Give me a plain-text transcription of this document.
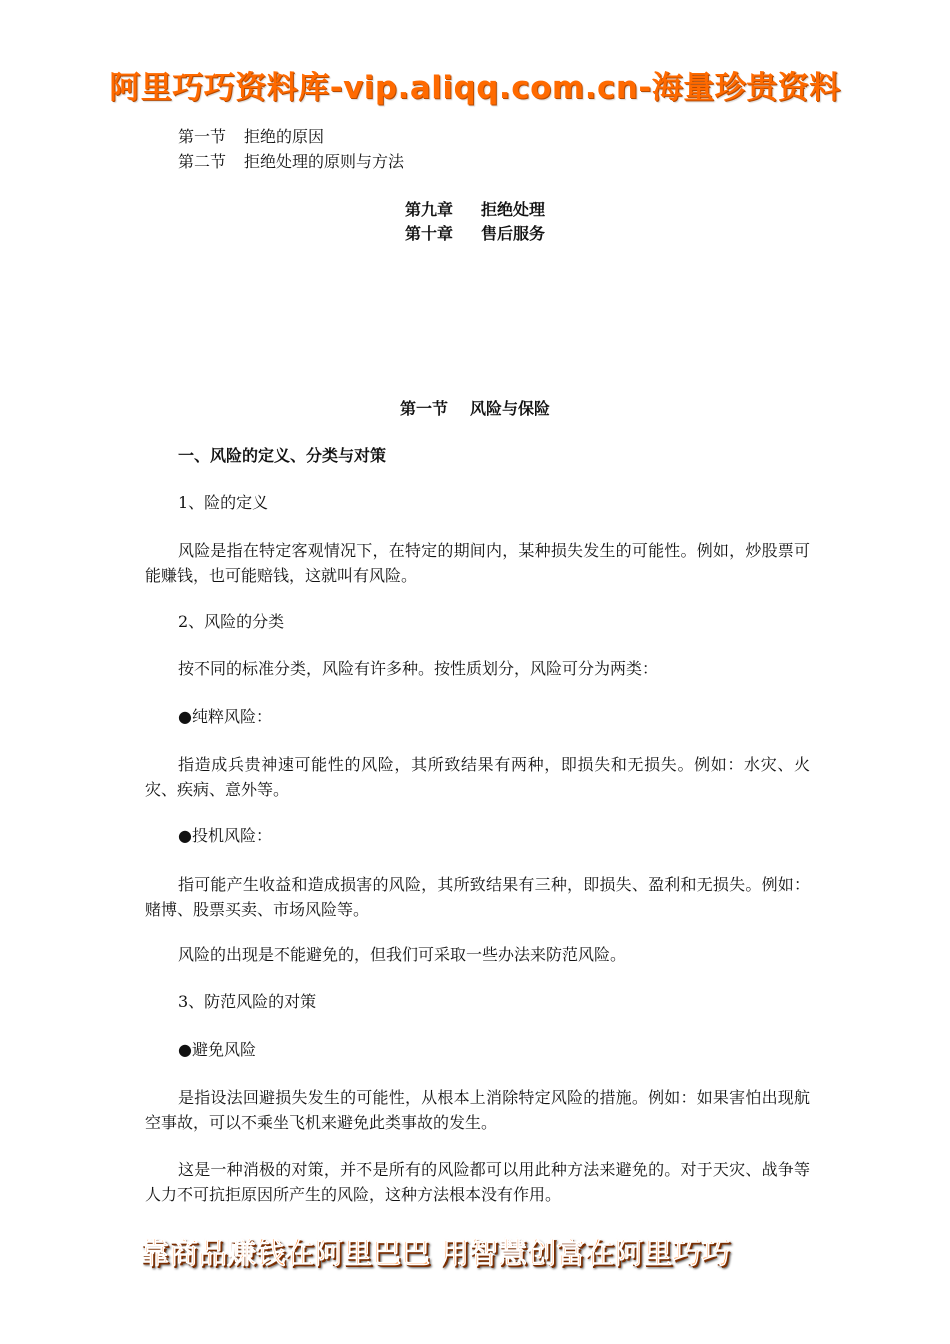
阿里巧巧资料库-vip.aliqq.com.cn-海量珍贵资料
第一节 拒绝的原因
第二节 拒绝处理的原则与方法
第九章 拒绝处理
第十章 售后服务
第一节 风险与保险
一、风险的定义、分类与对策
1、险的定义
风险是指在特定客观情况下，在特定的期间内，某种损失发生的可能性。例如，炒股票可能赚钱，也可能赔钱，这就叫有风险。
2、风险的分类
按不同的标准分类，风险有许多种。按性质划分，风险可分为两类：
●纯粹风险：
指造成兵贵神速可能性的风险，其所致结果有两种，即损失和无损失。例如：水灾、火灾、疾病、意外等。
●投机风险：
指可能产生收益和造成损害的风险，其所致结果有三种，即损失、盈利和无损失。例如：赌博、股票买卖、市场风险等。
风险的出现是不能避免的，但我们可采取一些办法来防范风险。
3、防范风险的对策
●避免风险
是指设法回避损失发生的可能性，从根本上消除特定风险的措施。例如：如果害怕出现航空事故，可以不乘坐飞机来避免此类事故的发生。
这是一种消极的对策，并不是所有的风险都可以用此种方法来避免的。对于天灾、战争等人力不可抗拒原因所产生的风险，这种方法根本没有作用。
靠商品赚钱在阿里巴巴 用智慧创富在阿里巧巧
